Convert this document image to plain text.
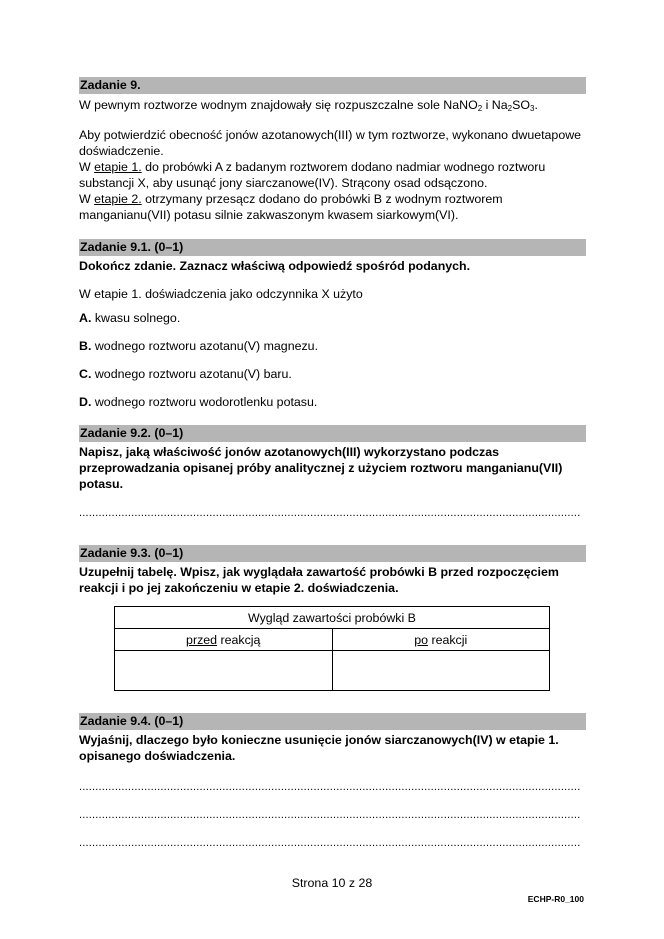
Zadanie 9.

W pewnym roztworze wodnym znajdowały się rozpuszczalne sole NaNO$_2$ i $Na_2SO_3$.

Aby potwierdzić obecność jonów azotanowych(III) w tym roztworze, wykonano dwuetapowe doświadczenie.

W etapie 1. do probówki A z badanym roztworem dodano nadmiar wodnego roztworu substancji X, aby usunąć jony siarczanowe(IV). Strącony osad odsączono.

W etapie 2. otrzymany przesącz dodano do probówki B z wodnym roztworem manganianu(VII) potasu silnie zakwaszonym kwasem siarkowym(VI).

Zadanie 9.1. (0–1)

Dokończ zdanie. Zaznacz właściwą odpowiedź spośród podanych.

W etapie 1. doświadczenia jako odczynnika X użyto

A. kwasu solnego.
B. wodnego roztworu azotanu(V) magnezu.
C. wodnego roztworu azotanu(V) baru.
D. wodnego roztworu wodorotlenku potasu.
Zadanie 9.2. (0–1)

Napisz, jaką właściwość jonów azotanowych(III) wykorzystano podczas przeprowadzania opisanej próby analitycznej z użyciem roztworu manganianu(VII) potasu.

..........................................................................................................................................................
Zadanie 9.3. (0–1)

Uzupełnij tabelę. Wpisz, jak wyglądała zawartość probówki B przed rozpoczęciem reakcji i po jej zakończeniu w etapie 2. doświadczenia.

Wygląd zawartości probówki B	
przed reakcją	po reakcji

Zadanie 9.4. (0–1)

Wyjaśnij, dlaczego było konieczne usunięcie jonów siarczanowych(IV) w etapie 1. opisanego doświadczenia.

..........................................................................................................................................................
..........................................................................................................................................................
..........................................................................................................................................................
Strona 10 z 28
ECHP-R0_100
